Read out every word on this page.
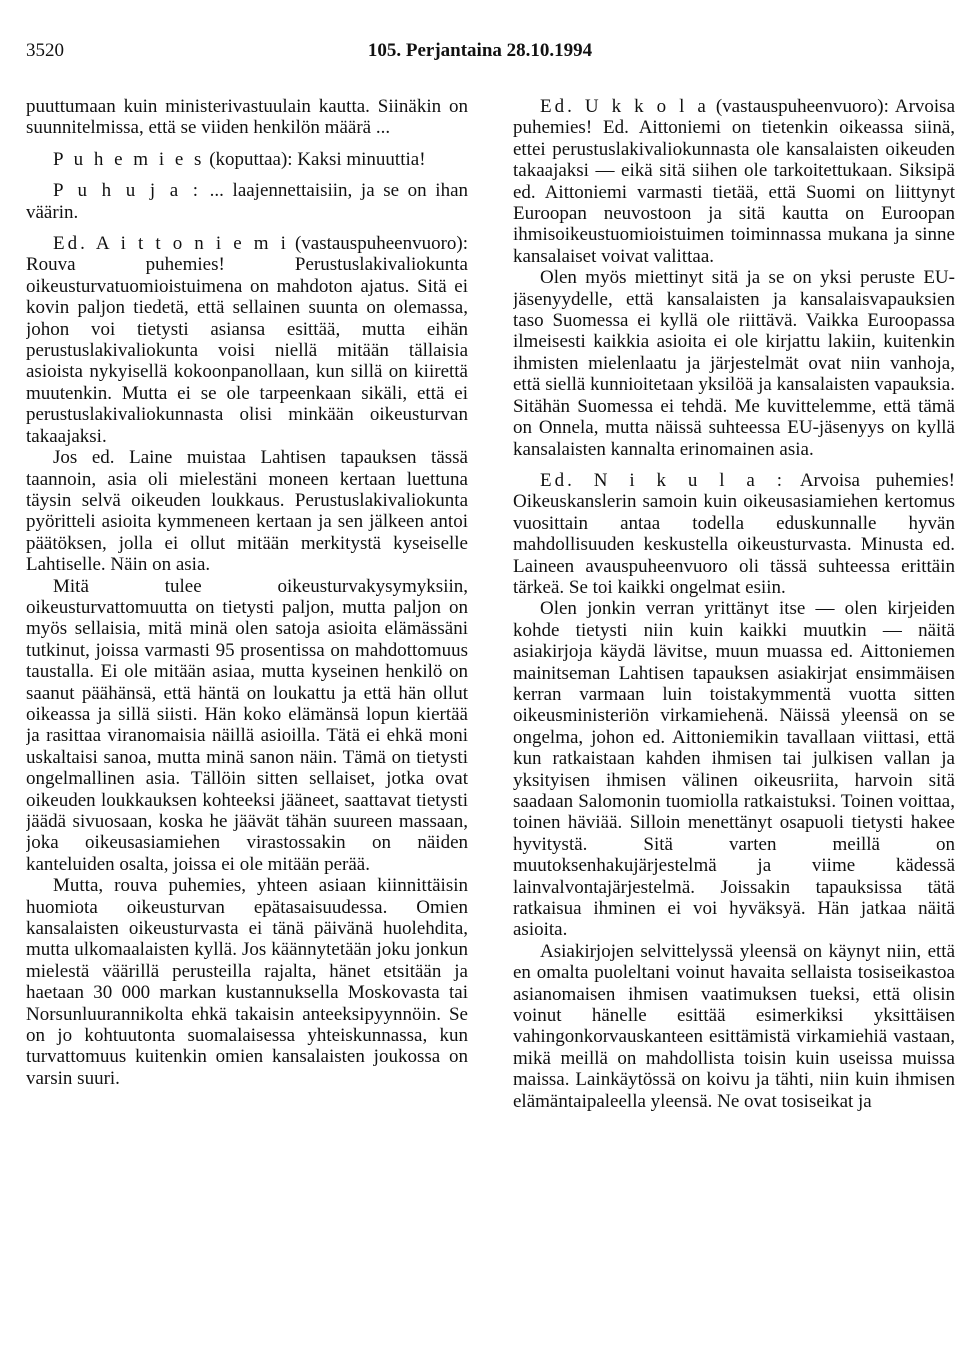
3520	105. Perjantaina 28.10.1994

puuttumaan kuin ministerivastuulain kautta. Siinäkin on suunnitelmissa, että se viiden henkilön määrä ...

P u h e m i e s (koputtaa): Kaksi minuuttia!

P u h u j a : ... laajennettaisiin, ja se on ihan väärin.

Ed. A i t t o n i e m i (vastauspuheenvuoro): Rouva puhemies! Perustuslakivaliokunta oikeusturvatuomioistuimena on mahdoton ajatus. Sitä ei kovin paljon tiedetä, että sellainen suunta on olemassa, johon voi tietysti asiansa esittää, mutta eihän perustuslakivaliokunta voisi niellä mitään tällaisia asioista nykyisellä kokoonpanollaan, kun sillä on kiirettä muutenkin. Mutta ei se ole tarpeenkaan sikäli, että ei perustuslakivaliokunnasta olisi minkään oikeusturvan takaajaksi.

Jos ed. Laine muistaa Lahtisen tapauksen tässä taannoin, asia oli mielestäni moneen kertaan luettuna täysin selvä oikeuden loukkaus. Perustuslakivaliokunta pyöritteli asioita kymmeneen kertaan ja sen jälkeen antoi päätöksen, jolla ei ollut mitään merkitystä kyseiselle Lahtiselle. Näin on asia.

Mitä tulee oikeusturvakysymyksiin, oikeusturvattomuutta on tietysti paljon, mutta paljon on myös sellaisia, mitä minä olen satoja asioita elämässäni tutkinut, joissa varmasti 95 prosentissa on mahdottomuus taustalla. Ei ole mitään asiaa, mutta kyseinen henkilö on saanut päähänsä, että häntä on loukattu ja että hän ollut oikeassa ja sillä siisti. Hän koko elämänsä lopun kiertää ja rasittaa viranomaisia näillä asioilla. Tätä ei ehkä moni uskaltaisi sanoa, mutta minä sanon näin. Tämä on tietysti ongelmallinen asia. Tällöin sitten sellaiset, jotka ovat oikeuden loukkauksen kohteeksi jääneet, saattavat tietysti jäädä sivuosaan, koska he jäävät tähän suureen massaan, joka oikeusasiamiehen virastossakin on näiden kanteluiden osalta, joissa ei ole mitään perää.

Mutta, rouva puhemies, yhteen asiaan kiinnittäisin huomiota oikeusturvan epätasaisuudessa. Omien kansalaisten oikeusturvasta ei tänä päivänä huolehdita, mutta ulkomaalaisten kyllä. Jos käännytetään joku jonkun mielestä väärillä perusteilla rajalta, hänet etsitään ja haetaan 30 000 markan kustannuksella Moskovasta tai Norsunluurannikolta ehkä takaisin anteeksipyynnöin. Se on jo kohtuutonta suomalaisessa yhteiskunnassa, kun turvattomuus kuitenkin omien kansalaisten joukossa on varsin suuri.

Ed. U k k o l a (vastauspuheenvuoro): Arvoisa puhemies! Ed. Aittoniemi on tietenkin oikeassa siinä, ettei perustuslakivaliokunnasta ole kansalaisten oikeuden takaajaksi — eikä sitä siihen ole tarkoitettukaan. Siksipä ed. Aittoniemi varmasti tietää, että Suomi on liittynyt Euroopan neuvostoon ja sitä kautta on Euroopan ihmisoikeustuomioistuimen toiminnassa mukana ja sinne kansalaiset voivat valittaa.

Olen myös miettinyt sitä ja se on yksi peruste EU-jäsenyydelle, että kansalaisten ja kansalaisvapauksien taso Suomessa ei kyllä ole riittävä. Vaikka Euroopassa ilmeisesti kaikkia asioita ei ole kirjattu lakiin, kuitenkin ihmisten mielenlaatu ja järjestelmät ovat niin vanhoja, että siellä kunnioitetaan yksilöä ja kansalaisten vapauksia. Sitähän Suomessa ei tehdä. Me kuvittelemme, että tämä on Onnela, mutta näissä suhteessa EU-jäsenyys on kyllä kansalaisten kannalta erinomainen asia.

Ed. N i k u l a : Arvoisa puhemies! Oikeuskanslerin samoin kuin oikeusasiamiehen kertomus vuosittain antaa todella eduskunnalle hyvän mahdollisuuden keskustella oikeusturvasta. Minusta ed. Laineen avauspuheenvuoro oli tässä suhteessa erittäin tärkeä. Se toi kaikki ongelmat esiin.

Olen jonkin verran yrittänyt itse — olen kirjeiden kohde tietysti niin kuin kaikki muutkin — näitä asiakirjoja käydä lävitse, muun muassa ed. Aittoniemen mainitseman Lahtisen tapauksen asiakirjat ensimmäisen kerran varmaan luin toistakymmentä vuotta sitten oikeusministeriön virkamiehenä. Näissä yleensä on se ongelma, johon ed. Aittoniemikin tavallaan viittasi, että kun ratkaistaan kahden ihmisen tai julkisen vallan ja yksityisen ihmisen välinen oikeusriita, harvoin sitä saadaan Salomonin tuomiolla ratkaistuksi. Toinen voittaa, toinen häviää. Silloin menettänyt osapuoli tietysti hakee hyvitystä. Sitä varten meillä on muutoksenhakujärjestelmä ja viime kädessä lainvalvontajärjestelmä. Joissakin tapauksissa tätä ratkaisua ihminen ei voi hyväksyä. Hän jatkaa näitä asioita.

Asiakirjojen selvittelyssä yleensä on käynyt niin, että en omalta puoleltani voinut havaita sellaista tosiseikastoa asianomaisen ihmisen vaatimuksen tueksi, että olisin voinut hänelle esittää esimerkiksi yksittäisen vahingonkorvauskanteen esittämistä virkamiehiä vastaan, mikä meillä on mahdollista toisin kuin useissa muissa maissa. Lainkäytössä on koivu ja tähti, niin kuin ihmisen elämäntaipaleella yleensä. Ne ovat tosiseikat ja
